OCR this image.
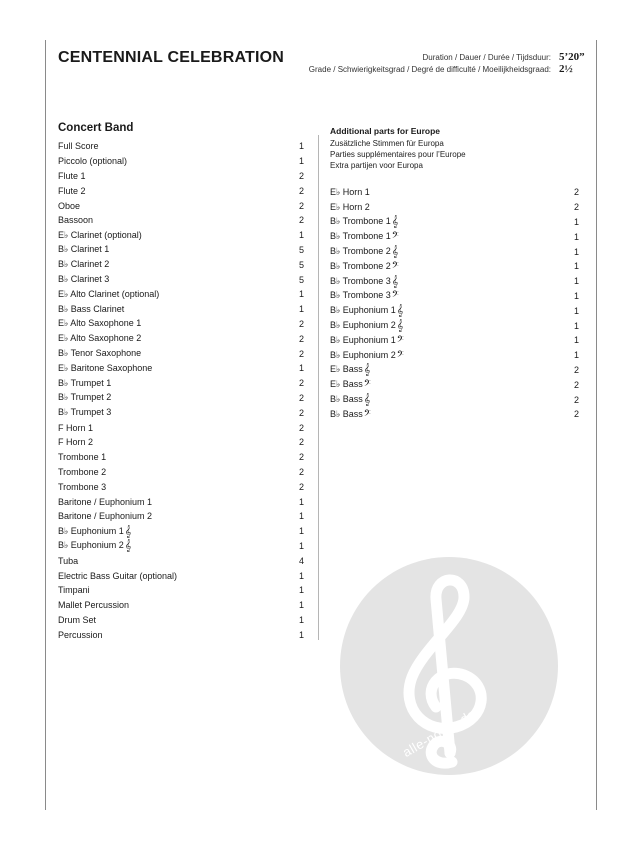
CENTENNIAL CELEBRATION	Duration / Dauer / Durée / Tijdsduur: 5’20”
Grade / Schwierigkeitsgrad / Degré de difficulté / Moeilijkheidsgraad: 2½
Concert Band
Full Score	1
Piccolo (optional)	1
Flute 1	2
Flute 2	2
Oboe	2
Bassoon	2
E♭ Clarinet (optional)	1
B♭ Clarinet 1	5
B♭ Clarinet 2	5
B♭ Clarinet 3	5
E♭ Alto Clarinet (optional)	1
B♭ Bass Clarinet	1
E♭ Alto Saxophone 1	2
E♭ Alto Saxophone 2	2
B♭ Tenor Saxophone	2
E♭ Baritone Saxophone	1
B♭ Trumpet 1	2
B♭ Trumpet 2	2
B♭ Trumpet 3	2
F Horn 1	2
F Horn 2	2
Trombone 1	2
Trombone 2	2
Trombone 3	2
Baritone / Euphonium 1	1
Baritone / Euphonium 2	1
B♭ Euphonium 1 𝄞	1
B♭ Euphonium 2 𝄞	1
Tuba	4
Electric Bass Guitar (optional)	1
Timpani	1
Mallet Percussion	1
Drum Set	1
Percussion	1
Additional parts for Europe
Zusätzliche Stimmen für Europa
Parties supplémentaires pour l’Europe
Extra partijen voor Europa
E♭ Horn 1	2
E♭ Horn 2	2
B♭ Trombone 1 𝄞	1
B♭ Trombone 1 𝄢	1
B♭ Trombone 2 𝄞	1
B♭ Trombone 2 𝄢	1
B♭ Trombone 3 𝄞	1
B♭ Trombone 3 𝄢	1
B♭ Euphonium 1 𝄞	1
B♭ Euphonium 2 𝄞	1
B♭ Euphonium 1 𝄢	1
B♭ Euphonium 2 𝄢	1
E♭ Bass 𝄞	2
E♭ Bass 𝄢	2
B♭ Bass 𝄞	2
B♭ Bass 𝄢	2
alle-noten.de
